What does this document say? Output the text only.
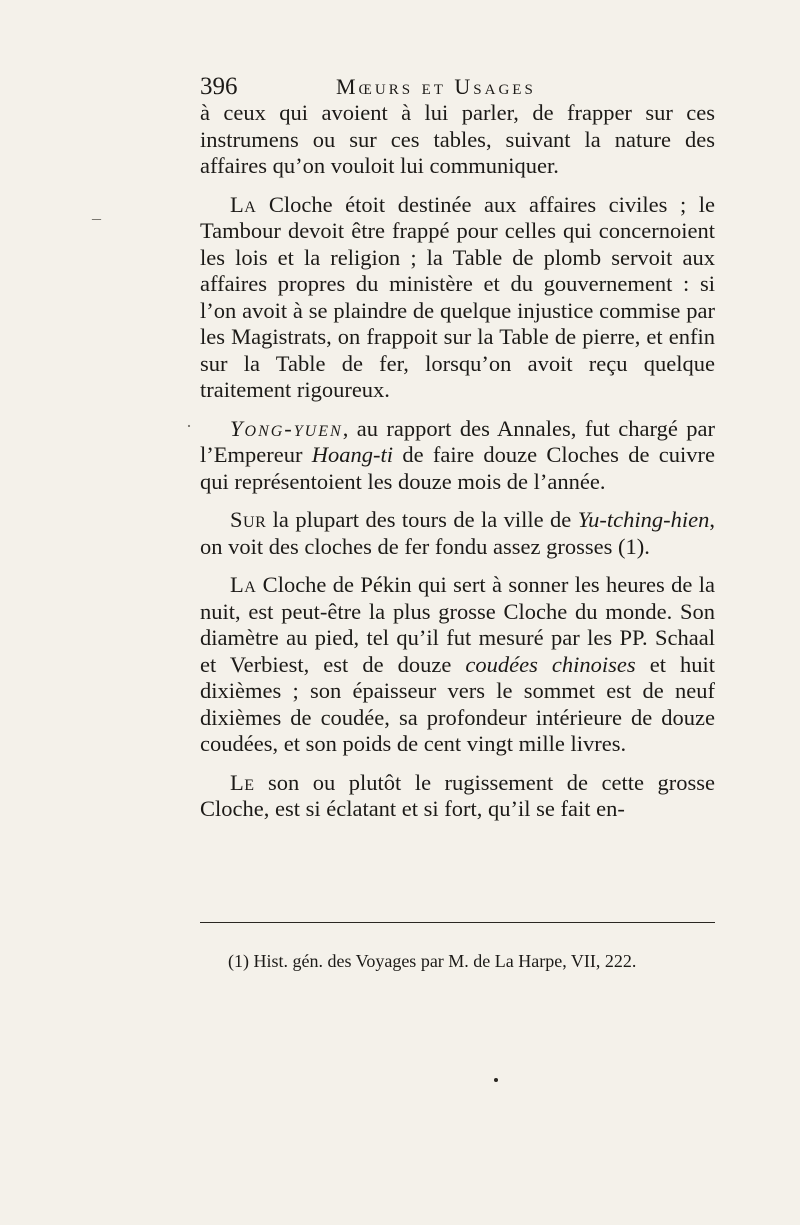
396	Mœurs et Usages
–
·

à ceux qui avoient à lui parler, de frapper sur ces instrumens ou sur ces tables, suivant la nature des affaires qu’on vouloit lui communiquer.

La Cloche étoit destinée aux affaires civiles ; le Tambour devoit être frappé pour celles qui concernoient les lois et la religion ; la Table de plomb servoit aux affaires propres du ministère et du gouvernement : si l’on avoit à se plaindre de quelque injustice commise par les Magistrats, on frappoit sur la Table de pierre, et enfin sur la Table de fer, lorsqu’on avoit reçu quelque traitement rigoureux.

Yong-yuen, au rapport des Annales, fut chargé par l’Empereur Hoang-ti de faire douze Cloches de cuivre qui représentoient les douze mois de l’année.

Sur la plupart des tours de la ville de Yu-tching-hien, on voit des cloches de fer fondu assez grosses (1).

La Cloche de Pékin qui sert à sonner les heures de la nuit, est peut-être la plus grosse Cloche du monde. Son diamètre au pied, tel qu’il fut mesuré par les PP. Schaal et Verbiest, est de douze coudées chinoises et huit dixièmes ; son épaisseur vers le sommet est de neuf dixièmes de coudée, sa profondeur intérieure de douze coudées, et son poids de cent vingt mille livres.

Le son ou plutôt le rugissement de cette grosse Cloche, est si éclatant et si fort, qu’il se fait en-

(1) Hist. gén. des Voyages par M. de La Harpe, VII, 222.
